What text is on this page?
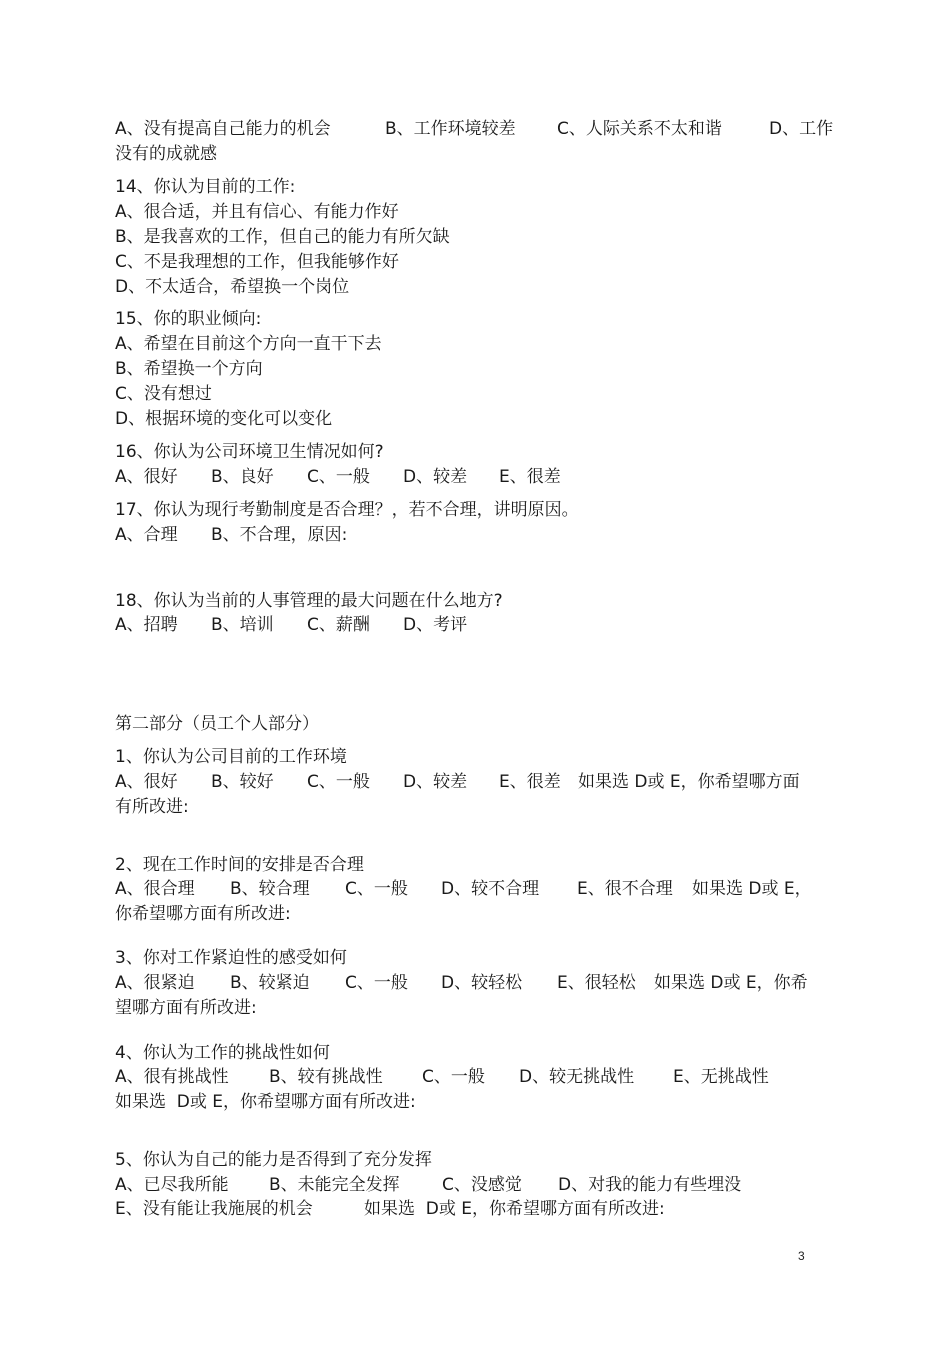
A、没有提高自己能力的机会	B、工作环境较差 C、人际关系不太和谐	D、工作
没有的成就感
14、你认为目前的工作:
A、很合适，并且有信心、有能力作好
B、是我喜欢的工作，但自己的能力有所欠缺
C、不是我理想的工作，但我能够作好
D、不太适合，希望换一个岗位
15、你的职业倾向:
A、希望在目前这个方向一直干下去
B、希望换一个方向
C、没有想过
D、根据环境的变化可以变化
16、你认为公司环境卫生情况如何?
A、很好 B、良好 C、一般 D、较差 E、很差
17、你认为现行考勤制度是否合理？，若不合理，讲明原因。
A、合理 B、不合理，原因:
18、你认为当前的人事管理的最大问题在什么地方?
A、招聘 B、培训 C、薪酬 D、考评
第二部分（员工个人部分）
1、你认为公司目前的工作环境
A、很好 B、较好 C、一般 D、较差 E、很差 如果选 D或 E，你希望哪方面
有所改进:
2、现在工作时间的安排是否合理
A、很合理 B、较合理 C、一般 D、较不合理 E、很不合理 如果选 D或 E，
你希望哪方面有所改进:
3、你对工作紧迫性的感受如何
A、很紧迫 B、较紧迫 C、一般 D、较轻松 E、很轻松 如果选 D或 E，你希
望哪方面有所改进:
4、你认为工作的挑战性如何
A、很有挑战性 B、较有挑战性 C、一般 D、较无挑战性 E、无挑战性
如果选  D或 E，你希望哪方面有所改进:
5、你认为自己的能力是否得到了充分发挥
A、已尽我所能 B、未能完全发挥 C、没感觉 D、对我的能力有些埋没
E、没有能让我施展的机会	如果选  D或 E，你希望哪方面有所改进:
3
